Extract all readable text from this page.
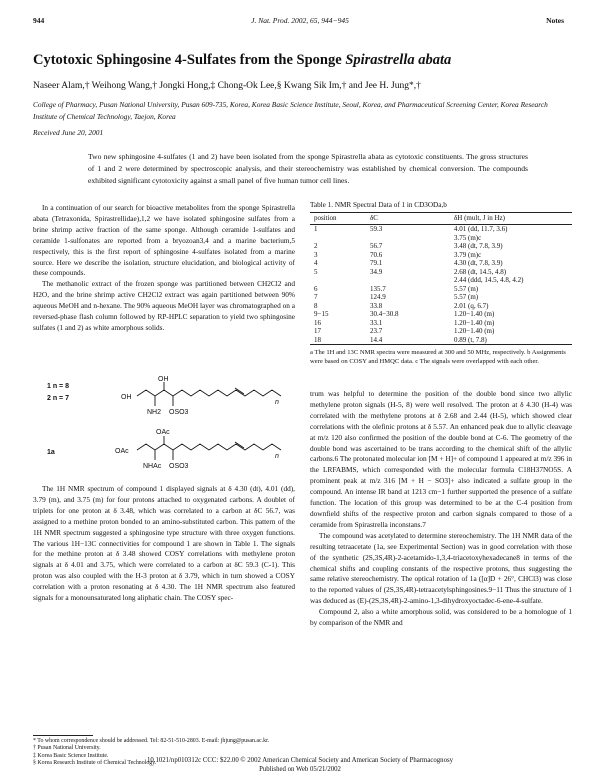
944	J. Nat. Prod. 2002, 65, 944−945	Notes
Cytotoxic Sphingosine 4-Sulfates from the Sponge Spirastrella abata
Naseer Alam,† Weihong Wang,† Jongki Hong,‡ Chong-Ok Lee,§ Kwang Sik Im,† and Jee H. Jung*,†
College of Pharmacy, Pusan National University, Pusan 609-735, Korea, Korea Basic Science Institute, Seoul, Korea, and Pharmaceutical Screening Center, Korea Research Institute of Chemical Technology, Taejon, Korea
Received June 20, 2001
Two new sphingosine 4-sulfates (1 and 2) have been isolated from the sponge Spirastrella abata as cytotoxic constituents. The gross structures of 1 and 2 were determined by spectroscopic analysis, and their stereochemistry was established by chemical conversion. The compounds exhibited significant cytotoxicity against a small panel of five human tumor cell lines.

In a continuation of our search for bioactive metabolites from the sponge Spirastrella abata (Tetraxonida, Spirastrellidae),1,2 we have isolated sphingosine sulfates from a brine shrimp active fraction of the same sponge. Although ceramide 1-sulfates and ceramide 1-sulfonates are reported from a bryozoan3,4 and a marine bacterium,5 respectively, this is the first report of sphingosine 4-sulfates isolated from a marine source. Here we describe the isolation, structure elucidation, and biological activity of these compounds.

The methanolic extract of the frozen sponge was partitioned between CH2Cl2 and H2O, and the brine shrimp active CH2Cl2 extract was again partitioned between 90% aqueous MeOH and n-hexane. The 90% aqueous MeOH layer was chromatographed on a reversed-phase flash column followed by RP-HPLC separation to yield two sphingosine sulfates (1 and 2) as white amorphous solids.

1 n = 8
2 n = 7	OH
OH
NH2 OSO3
n
1a	OAc
OAc
NHAc OSO3
n

The 1H NMR spectrum of compound 1 displayed signals at δ 4.30 (dt), 4.01 (dd), 3.79 (m), and 3.75 (m) for four protons attached to oxygenated carbons. A doublet of triplets for one proton at δ 3.48, which was correlated to a carbon at δC 56.7, was assigned to a methine proton bonded to an amino-substituted carbon. This pattern of the 1H NMR spectrum suggested a sphingosine type structure with three oxygen functions. The various 1H−13C connectivities for compound 1 are shown in Table 1. The signals for the methine proton at δ 3.48 showed COSY correlations with methylene proton signals at δ 4.01 and 3.75, which were correlated to a carbon at δC 59.3 (C-1). This proton was also coupled with the H-3 proton at δ 3.79, which in turn showed a COSY correlation with a proton resonating at δ 4.30. The 1H NMR spectrum also featured signals for a monounsaturated long aliphatic chain. The COSY spec-

* To whom correspondence should be addressed. Tel: 82-51-510-2803. E-mail: jhjung@pusan.ac.kr.
† Pusan National University.
‡ Korea Basic Science Institute.
§ Korea Research Institute of Chemical Technology.
Table 1. NMR Spectral Data of 1 in CD3ODa,b
position	δC	δH (mult, J in Hz)
1	59.3	4.01 (dd, 11.7, 3.6)
3.75 (m)c
2	56.7	3.48 (dt, 7.8, 3.9)
3	70.6	3.79 (m)c
4	79.1	4.30 (dt, 7.8, 3.9)
5	34.9	2.68 (dt, 14.5, 4.8)
2.44 (ddd, 14.5, 4.8, 4.2)
6	135.7	5.57 (m)
7	124.9	5.57 (m)
8	33.8	2.01 (q, 6.7)
9−15	30.4−30.8	1.20−1.40 (m)
16	33.1	1.20−1.40 (m)
17	23.7	1.20−1.40 (m)
18	14.4	0.89 (t, 7.8)
a The 1H and 13C NMR spectra were measured at 300 and 50 MHz, respectively. b Assignments were based on COSY and HMQC data. c The signals were overlapped with each other.

trum was helpful to determine the position of the double bond since two allylic methylene proton signals (H-5, 8) were well resolved. The proton at δ 4.30 (H-4) was correlated with the methylene protons at δ 2.68 and 2.44 (H-5), which showed clear correlations with the olefinic protons at δ 5.57. An enhanced peak due to allylic cleavage at m/z 120 also confirmed the position of the double bond at C-6. The geometry of the double bond was ascertained to be trans according to the chemical shift of the allylic carbons.6 The protonated molecular ion [M + H]+ of compound 1 appeared at m/z 396 in the LRFABMS, which corresponded with the molecular formula C18H37NO5S. A prominent peak at m/z 316 [M + H − SO3]+ also indicated a sulfate group in the compound. An intense IR band at 1213 cm−1 further supported the presence of a sulfate function. The location of this group was determined to be at the C-4 position from downfield shifts of the respective proton and carbon signals compared to those of a ceramide from Spirastrella inconstans.7

The compound was acetylated to determine stereochemistry. The 1H NMR data of the resulting tetraacetate (1a, see Experimental Section) was in good correlation with those of the synthetic (2S,3S,4R)-2-acetamido-1,3,4-triacetoxyhexadecane8 in terms of the chemical shifts and coupling constants of the respective protons, thus suggesting the same relative stereochemistry. The optical rotation of 1a ([α]D + 26°, CHCl3) was close to the reported values of (2S,3S,4R)-tetraacetylsphingosines.9−11 Thus the structure of 1 was deduced as (E)-(2S,3S,4R)-2-amino-1,3-dihydroxyoctadec-6-ene-4-sulfate.

Compound 2, also a white amorphous solid, was considered to be a homologue of 1 by comparison of the NMR and

10.1021/np010312c CCC: $22.00 © 2002 American Chemical Society and American Society of Pharmacognosy
Published on Web 05/21/2002
